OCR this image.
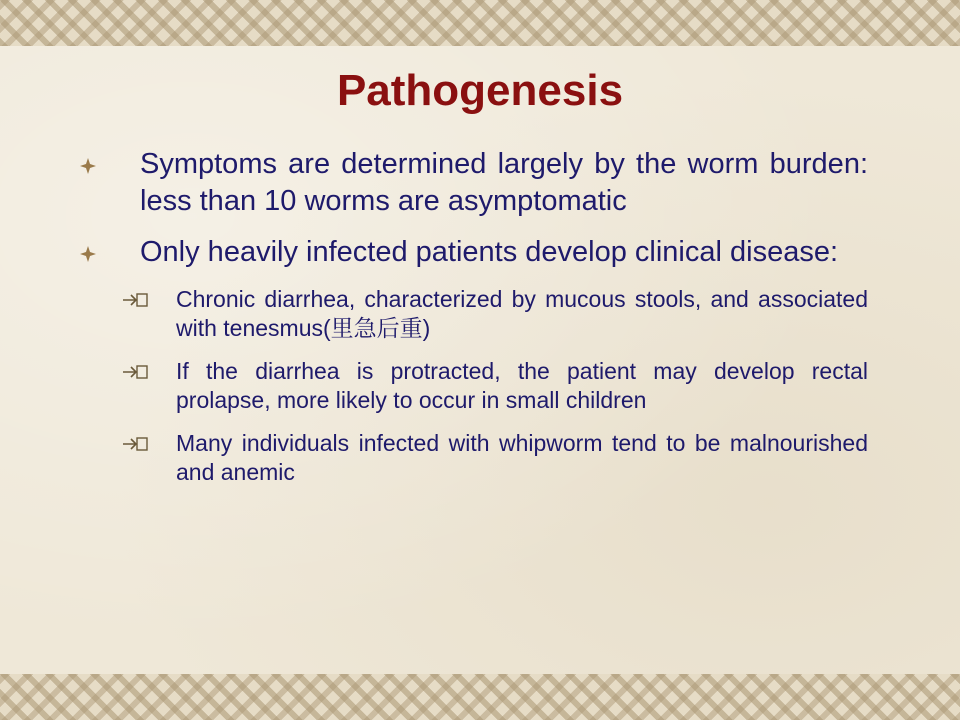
Pathogenesis

Symptoms are determined largely by the worm burden: less than 10 worms are asymptomatic

Only heavily infected patients develop clinical disease:

Chronic diarrhea, characterized by mucous stools, and associated with tenesmus(里急后重)
If the diarrhea is protracted, the patient may develop rectal prolapse, more likely to occur in small children
Many individuals infected with whipworm tend to be malnourished and anemic
